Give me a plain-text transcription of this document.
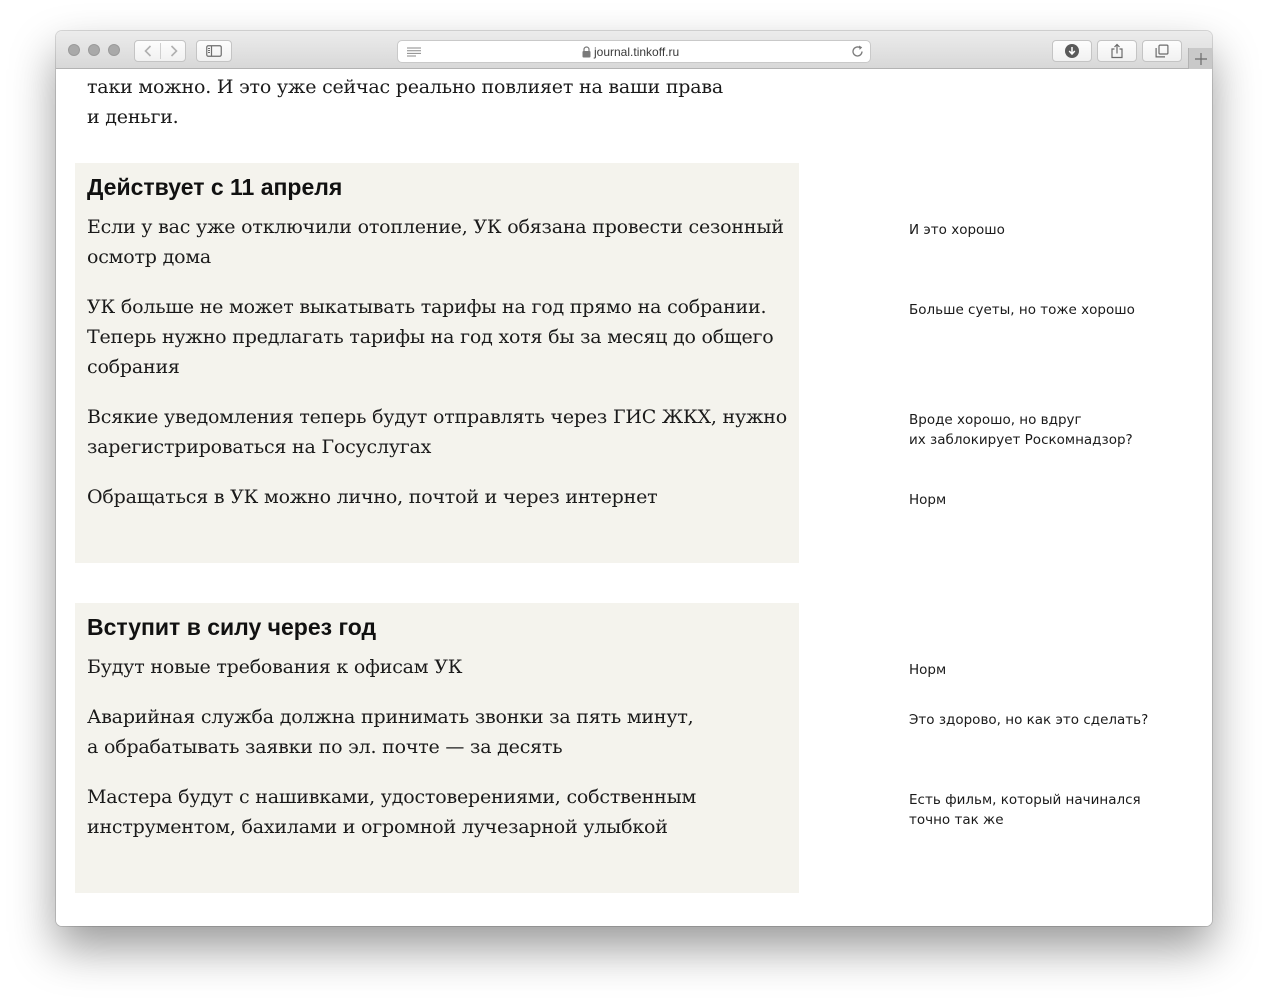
journal.tinkoff.ru

таки можно. И это уже сейчас реально повлияет на ваши права
и деньги.

Действует с 11 апреля

Если у вас уже отключили отопление, УК обязана провести сезонный
осмотр дома

УК больше не может выкатывать тарифы на год прямо на собрании.
Теперь нужно предлагать тарифы на год хотя бы за месяц до общего
собрания

Всякие уведомления теперь будут отправлять через ГИС ЖКХ, нужно
зарегистрироваться на Госуслугах

Обращаться в УК можно лично, почтой и через интернет

И это хорошо

Больше суеты, но тоже хорошо

Вроде хорошо, но вдруг
их заблокирует Роскомнадзор?

Норм

Вступит в силу через год

Будут новые требования к офисам УК

Аварийная служба должна принимать звонки за пять минут,
а обрабатывать заявки по эл. почте — за десять

Мастера будут с нашивками, удостоверениями, собственным
инструментом, бахилами и огромной лучезарной улыбкой

Норм

Это здорово, но как это сделать?

Есть фильм, который начинался
точно так же
